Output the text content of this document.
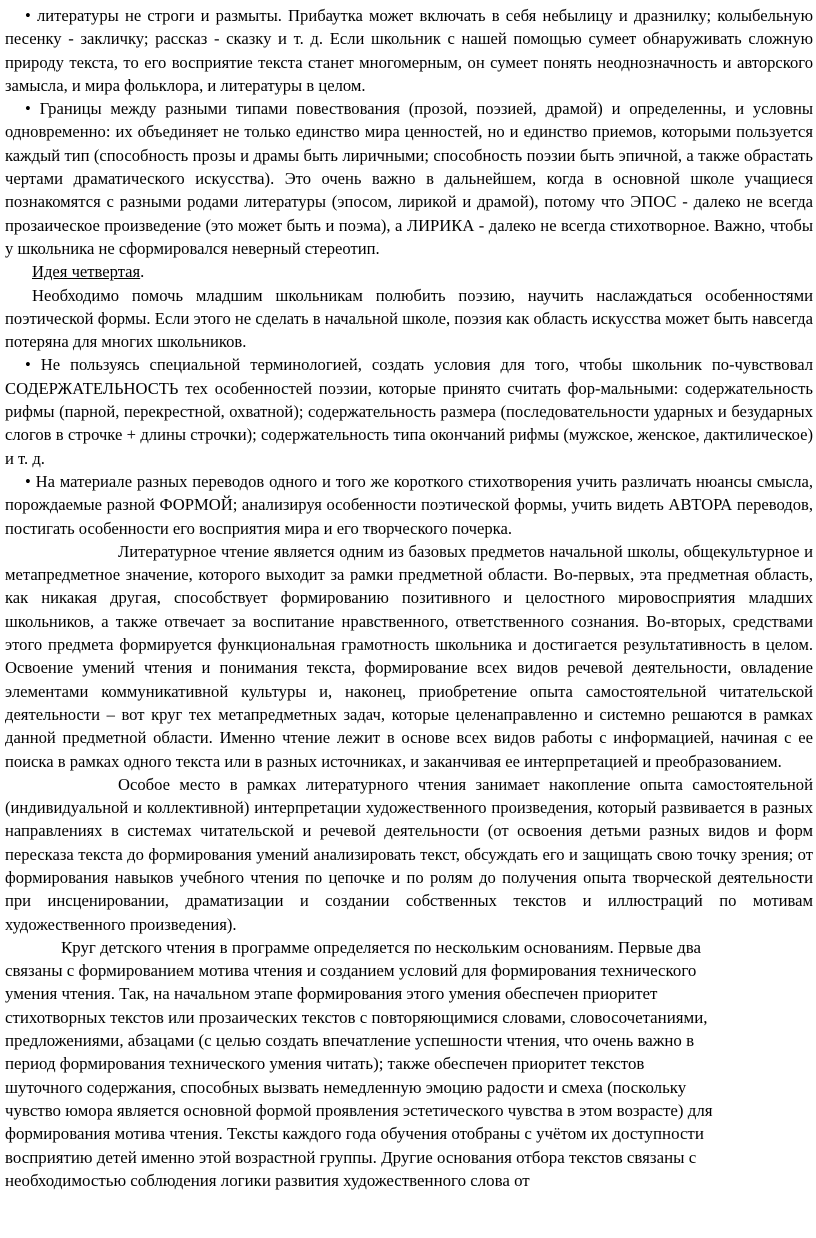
• литературы не строги и размыты. Прибаутка может включать в себя небылицу и дразнилку; колыбельную песенку - закличку; рассказ - сказку и т. д. Если школьник с нашей помощью сумеет обнаруживать сложную природу текста, то его восприятие текста станет многомерным, он сумеет понять неоднозначность и авторского замысла, и мира фольклора, и литературы в целом.

• Границы между разными типами повествования (прозой, поэзией, драмой) и определенны, и условны одновременно: их объединяет не только единство мира ценностей, но и единство приемов, которыми пользуется каждый тип (способность прозы и драмы быть лиричными; способность поэзии быть эпичной, а также обрастать чертами драматического искусства). Это очень важно в дальнейшем, когда в основной школе учащиеся познакомятся с разными родами литературы (эпосом, лирикой и драмой), потому что ЭПОС - далеко не всегда прозаическое произведение (это может быть и поэма), а ЛИРИКА - далеко не всегда стихотворное. Важно, чтобы у школьника не сформировался неверный стереотип.

Идея четвертая.

Необходимо помочь младшим школьникам полюбить поэзию, научить наслаждаться особенностями поэтической формы. Если этого не сделать в начальной школе, поэзия как область искусства может быть навсегда потеряна для многих школьников.

• Не пользуясь специальной терминологией, создать условия для того, чтобы школьник по-чувствовал СОДЕРЖАТЕЛЬНОСТЬ тех особенностей поэзии, которые принято считать фор-мальными: содержательность рифмы (парной, перекрестной, охватной); содержательность размера (последовательности ударных и безударных слогов в строчке + длины строчки); содержательность типа окончаний рифмы (мужское, женское, дактилическое) и т. д.

• На материале разных переводов одного и того же короткого стихотворения учить различать нюансы смысла, порождаемые разной ФОРМОЙ; анализируя особенности поэтической формы, учить видеть АВТОРА переводов, постигать особенности его восприятия мира и его творческого почерка.

Литературное чтение является одним из базовых предметов начальной школы, общекультурное и метапредметное значение, которого выходит за рамки предметной области. Во-первых, эта предметная область, как никакая другая, способствует формированию позитивного и целостного мировосприятия младших школьников, а также отвечает за воспитание нравственного, ответственного сознания. Во-вторых, средствами этого предмета формируется функциональная грамотность школьника и достигается результативность в целом. Освоение умений чтения и понимания текста, формирование всех видов речевой деятельности, овладение элементами коммуникативной культуры и, наконец, приобретение опыта самостоятельной читательской деятельности – вот круг тех метапредметных задач, которые целенаправленно и системно решаются в рамках данной предметной области. Именно чтение лежит в основе всех видов работы с информацией, начиная с ее поиска в рамках одного текста или в разных источниках, и заканчивая ее интерпретацией и преобразованием.

Особое место в рамках литературного чтения занимает накопление опыта самостоятельной (индивидуальной и коллективной) интерпретации художественного произведения, который развивается в разных направлениях в системах читательской и речевой деятельности (от освоения детьми разных видов и форм пересказа текста до формирования умений анализировать текст, обсуждать его и защищать свою точку зрения; от формирования навыков учебного чтения по цепочке и по ролям до получения опыта творческой деятельности при инсценировании, драматизации и создании собственных текстов и иллюстраций по мотивам художественного произведения).

Круг детского чтения в программе определяется по нескольким основаниям. Первые два
связаны с формированием мотива чтения и созданием условий для формирования технического
умения чтения. Так, на начальном этапе формирования этого умения обеспечен приоритет
стихотворных текстов или прозаических текстов с повторяющимися словами, словосочетаниями,
предложениями, абзацами (с целью создать впечатление успешности чтения, что очень важно в
период формирования технического умения читать); также обеспечен приоритет текстов
шуточного содержания, способных вызвать немедленную эмоцию радости и смеха (поскольку
чувство юмора является основной формой проявления эстетического чувства в этом возрасте) для
формирования мотива чтения. Тексты каждого года обучения отобраны с учётом их доступности
восприятию детей именно этой возрастной группы. Другие основания отбора текстов связаны с
необходимостью соблюдения логики развития художественного слова от
